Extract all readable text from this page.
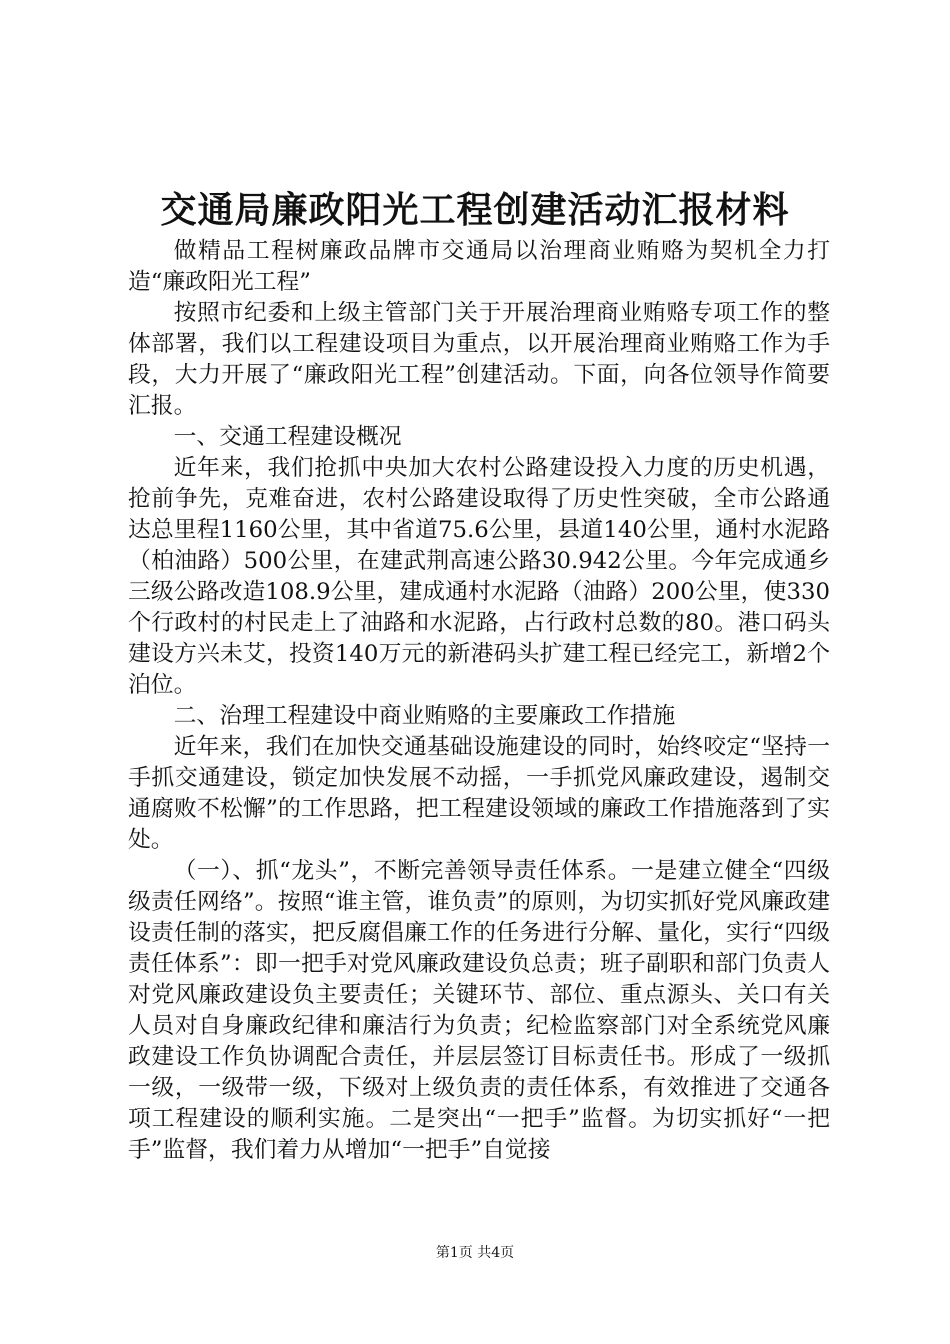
交通局廉政阳光工程创建活动汇报材料

做精品工程树廉政品牌市交通局以治理商业贿赂为契机全力打造“廉政阳光工程”

按照市纪委和上级主管部门关于开展治理商业贿赂专项工作的整体部署，我们以工程建设项目为重点，以开展治理商业贿赂工作为手段，大力开展了“廉政阳光工程”创建活动。下面，向各位领导作简要汇报。

一、交通工程建设概况

近年来，我们抢抓中央加大农村公路建设投入力度的历史机遇，抢前争先，克难奋进，农村公路建设取得了历史性突破，全市公路通达总里程1160公里，其中省道75.6公里，县道140公里，通村水泥路（柏油路）500公里，在建武荆高速公路30.942公里。今年完成通乡三级公路改造108.9公里，建成通村水泥路（油路）200公里，使330个行政村的村民走上了油路和水泥路，占行政村总数的80。港口码头建设方兴未艾，投资140万元的新港码头扩建工程已经完工，新增2个泊位。

二、治理工程建设中商业贿赂的主要廉政工作措施

近年来，我们在加快交通基础设施建设的同时，始终咬定“坚持一手抓交通建设，锁定加快发展不动摇，一手抓党风廉政建设，遏制交通腐败不松懈”的工作思路，把工程建设领域的廉政工作措施落到了实处。

（一）、抓“龙头”，不断完善领导责任体系。一是建立健全“四级级责任网络”。按照“谁主管，谁负责”的原则，为切实抓好党风廉政建设责任制的落实，把反腐倡廉工作的任务进行分解、量化，实行“四级责任体系”：即一把手对党风廉政建设负总责；班子副职和部门负责人对党风廉政建设负主要责任；关键环节、部位、重点源头、关口有关人员对自身廉政纪律和廉洁行为负责；纪检监察部门对全系统党风廉政建设工作负协调配合责任，并层层签订目标责任书。形成了一级抓一级，一级带一级，下级对上级负责的责任体系，有效推进了交通各项工程建设的顺利实施。二是突出“一把手”监督。为切实抓好“一把手”监督，我们着力从增加“一把手”自觉接

第1页 共4页
